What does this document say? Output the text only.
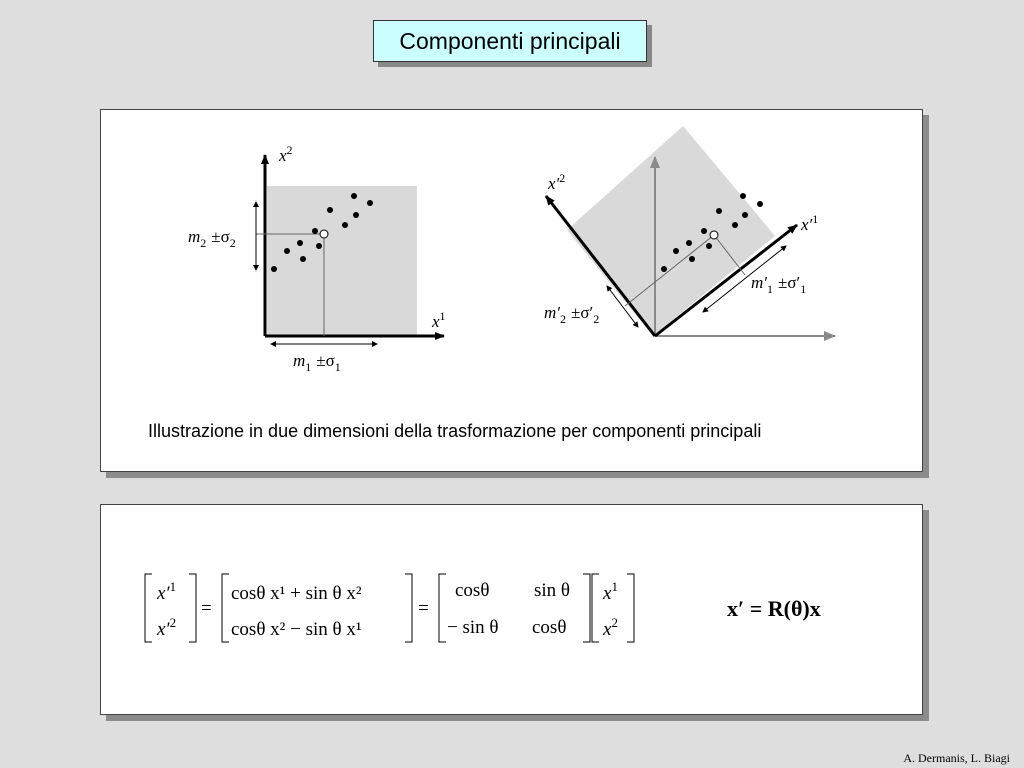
Componenti principali
$x^2$
$x^1$
$m_2 \pm\sigma_2$
$m_1 \pm\sigma_1$
$x'^2$
$x'^1$
$m'_1 \pm\sigma'_1$
$m'_2 \pm\sigma'_2$
$x'^1$
$x'^2$
=
cosθ x¹ + sin θ x²
cosθ x² − sin θ x¹
=
cosθ sin θ
− sin θ cosθ
$x^1$
$x^2$
x′ = R(θ)x
Illustrazione in due dimensioni della trasformazione per componenti principali
A. Dermanis, L. Biagi
